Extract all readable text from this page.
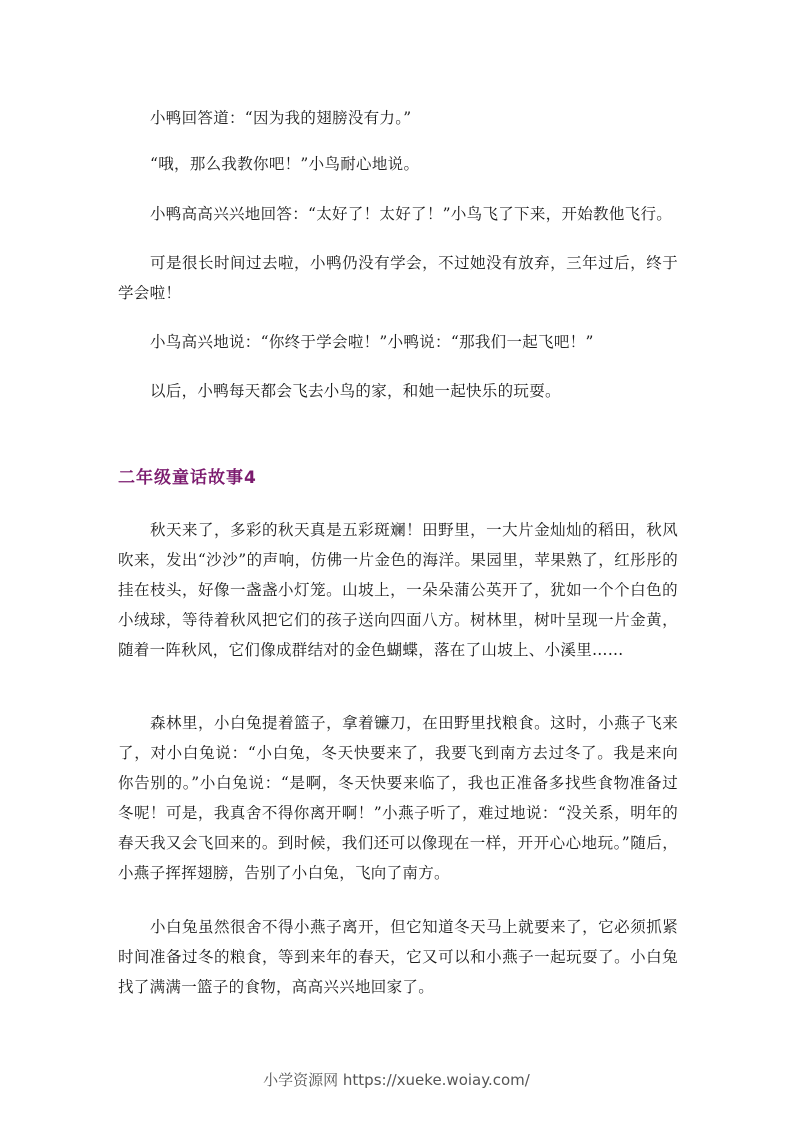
小鸭回答道：“因为我的翅膀没有力。”

“哦，那么我教你吧！”小鸟耐心地说。

小鸭高高兴兴地回答：“太好了！太好了！”小鸟飞了下来，开始教他飞行。

可是很长时间过去啦，小鸭仍没有学会，不过她没有放弃，三年过后，终于学会啦！

小鸟高兴地说：“你终于学会啦！”小鸭说：“那我们一起飞吧！”

以后，小鸭每天都会飞去小鸟的家，和她一起快乐的玩耍。

二年级童话故事4

秋天来了，多彩的秋天真是五彩斑斓！田野里，一大片金灿灿的稻田，秋风吹来，发出“沙沙”的声响，仿佛一片金色的海洋。果园里，苹果熟了，红彤彤的挂在枝头，好像一盏盏小灯笼。山坡上，一朵朵蒲公英开了，犹如一个个白色的小绒球，等待着秋风把它们的孩子送向四面八方。树林里，树叶呈现一片金黄，随着一阵秋风，它们像成群结对的金色蝴蝶，落在了山坡上、小溪里……

森林里，小白兔提着篮子，拿着镰刀，在田野里找粮食。这时，小燕子飞来了，对小白兔说：“小白兔，冬天快要来了，我要飞到南方去过冬了。我是来向你告别的。”小白兔说：“是啊，冬天快要来临了，我也正准备多找些食物准备过冬呢！可是，我真舍不得你离开啊！”小燕子听了，难过地说：“没关系，明年的春天我又会飞回来的。到时候，我们还可以像现在一样，开开心心地玩。”随后，小燕子挥挥翅膀，告别了小白兔，飞向了南方。

小白兔虽然很舍不得小燕子离开，但它知道冬天马上就要来了，它必须抓紧时间准备过冬的粮食，等到来年的春天，它又可以和小燕子一起玩耍了。小白兔找了满满一篮子的食物，高高兴兴地回家了。

小学资源网 https://xueke.woiay.com/
